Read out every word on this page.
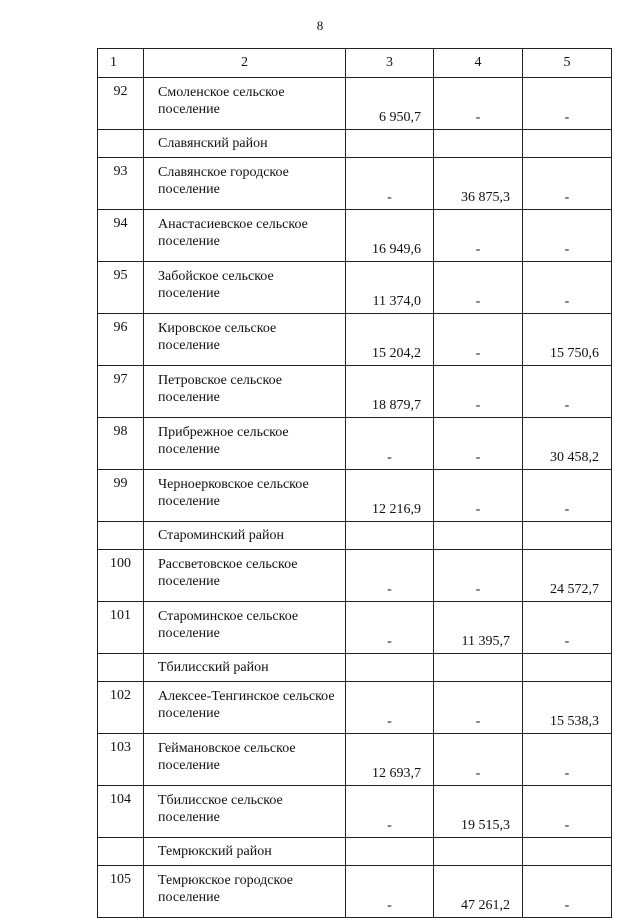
8
1	2	3	4	5
92	Смоленское сельское поселение	6 950,7	-	-
	Славянский район			
93	Славянское городское поселение	-	36 875,3	-
94	Анастасиевское сельское поселение	16 949,6	-	-
95	Забойское сельское поселение	11 374,0	-	-
96	Кировское сельское поселение	15 204,2	-	15 750,6
97	Петровское сельское поселение	18 879,7	-	-
98	Прибрежное сельское поселение	-	-	30 458,2
99	Черноерковское сельское поселение	12 216,9	-	-
	Староминский район			
100	Рассветовское сельское поселение	-	-	24 572,7
101	Староминское сельское поселение	-	11 395,7	-
	Тбилисский район			
102	Алексее-Тенгинское сельское поселение	-	-	15 538,3
103	Геймановское сельское поселение	12 693,7	-	-
104	Тбилисское сельское поселение	-	19 515,3	-
	Темрюкский район			
105	Темрюкское городское поселение	-	47 261,2	-
